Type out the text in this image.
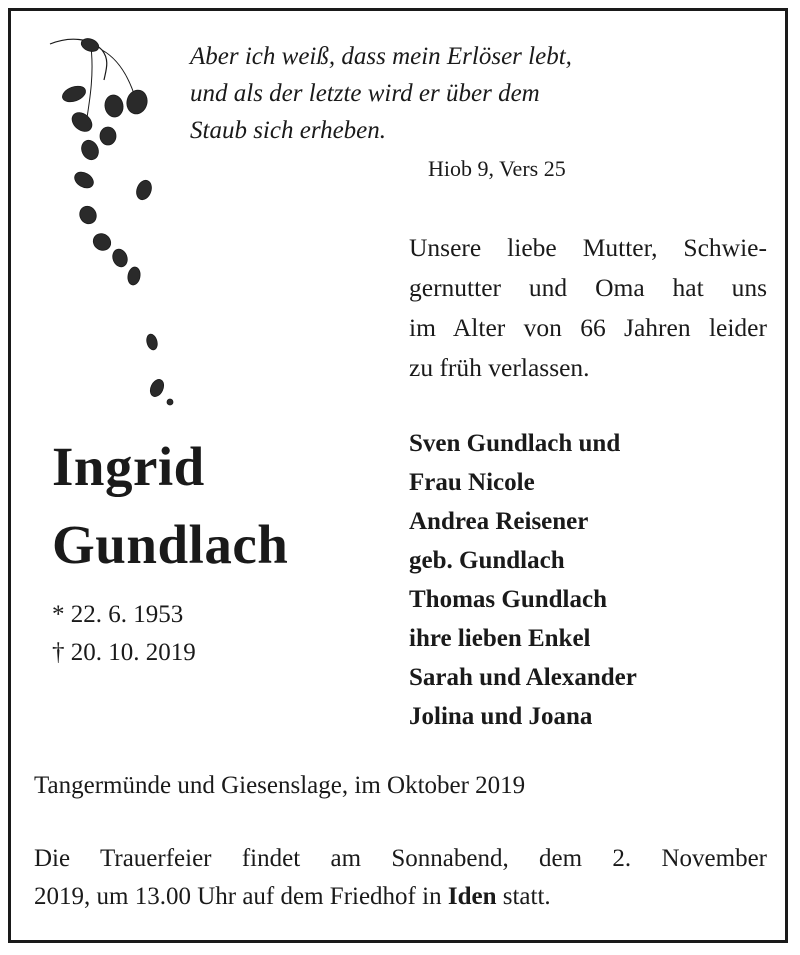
Aber ich weiß, dass mein Erlöser lebt,
und als der letzte wird er über dem
Staub sich erheben.
Hiob 9, Vers 25
Unsere liebe Mutter, Schwie-
gernutter und Oma hat uns
im Alter von 66 Jahren leider
zu früh verlassen.
Ingrid
Gundlach
* 22. 6. 1953
† 20. 10. 2019
Sven Gundlach und
Frau Nicole
Andrea Reisener
geb. Gundlach
Thomas Gundlach
ihre lieben Enkel
Sarah und Alexander
Jolina und Joana
Tangermünde und Giesenslage, im Oktober 2019
Die Trauerfeier findet am Sonnabend, dem 2. November
2019, um 13.00 Uhr auf dem Friedhof in Iden statt.
